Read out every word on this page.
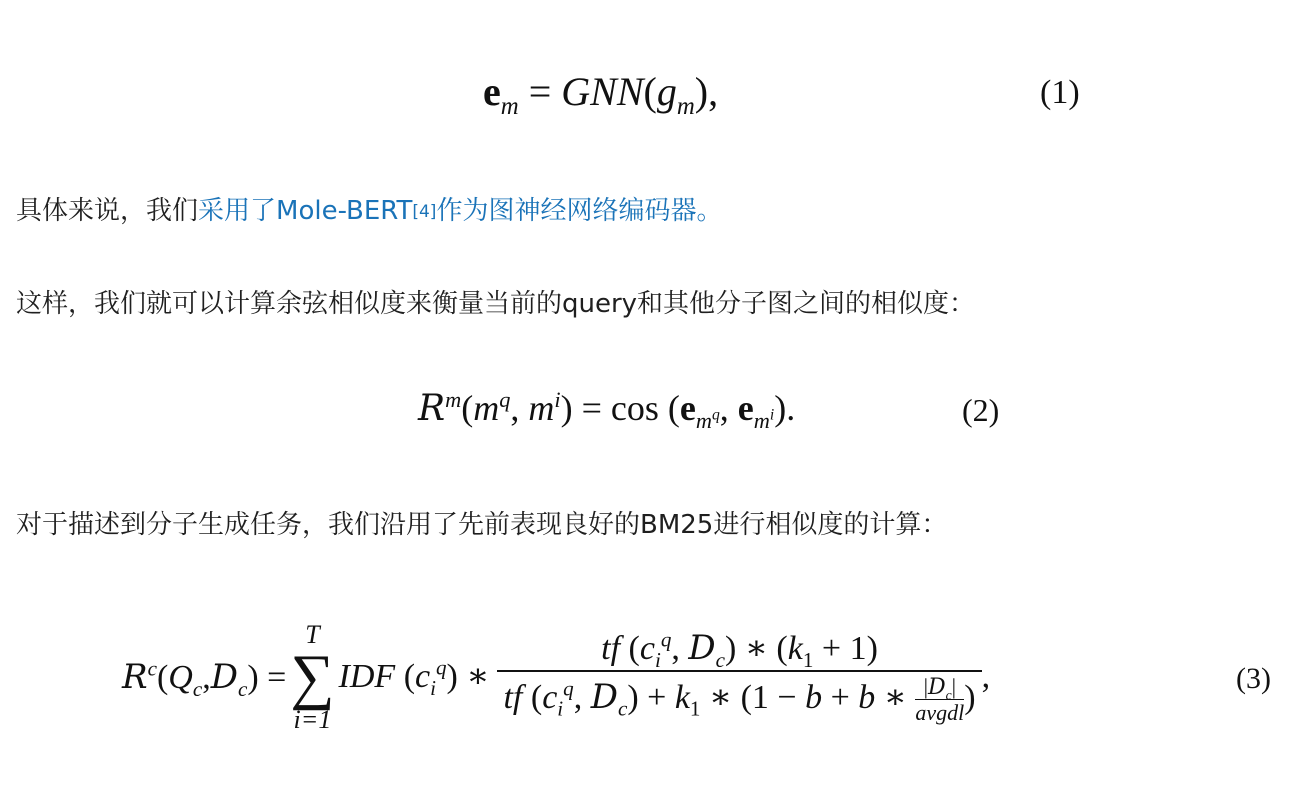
$e_m = GNN(g_m)$,	(1)
具体来说，我们采用了Mole-BERT[4]作为图神经网络编码器。
这样，我们就可以计算余弦相似度来衡量当前的query和其他分子图之间的相似度：
$R^m(m^q$, $m^i) = \cos (e_{m^q}$, $e_{m^i}$).	(2)
对于描述到分子生成任务，我们沿用了先前表现良好的BM25进行相似度的计算：
$R^c(Q_c,D_c)$ =
T
∑
i=1
IDF $(c_i^q)$ ∗ $\frac{tf (c_i^q, D_c) ∗ (k_1 + 1)}{tf (c_i^q, D_c) + k_1 ∗ (1 - b + b ∗ \frac{|D_c|}{\text{avgdl}} )}$ ,	(3)
